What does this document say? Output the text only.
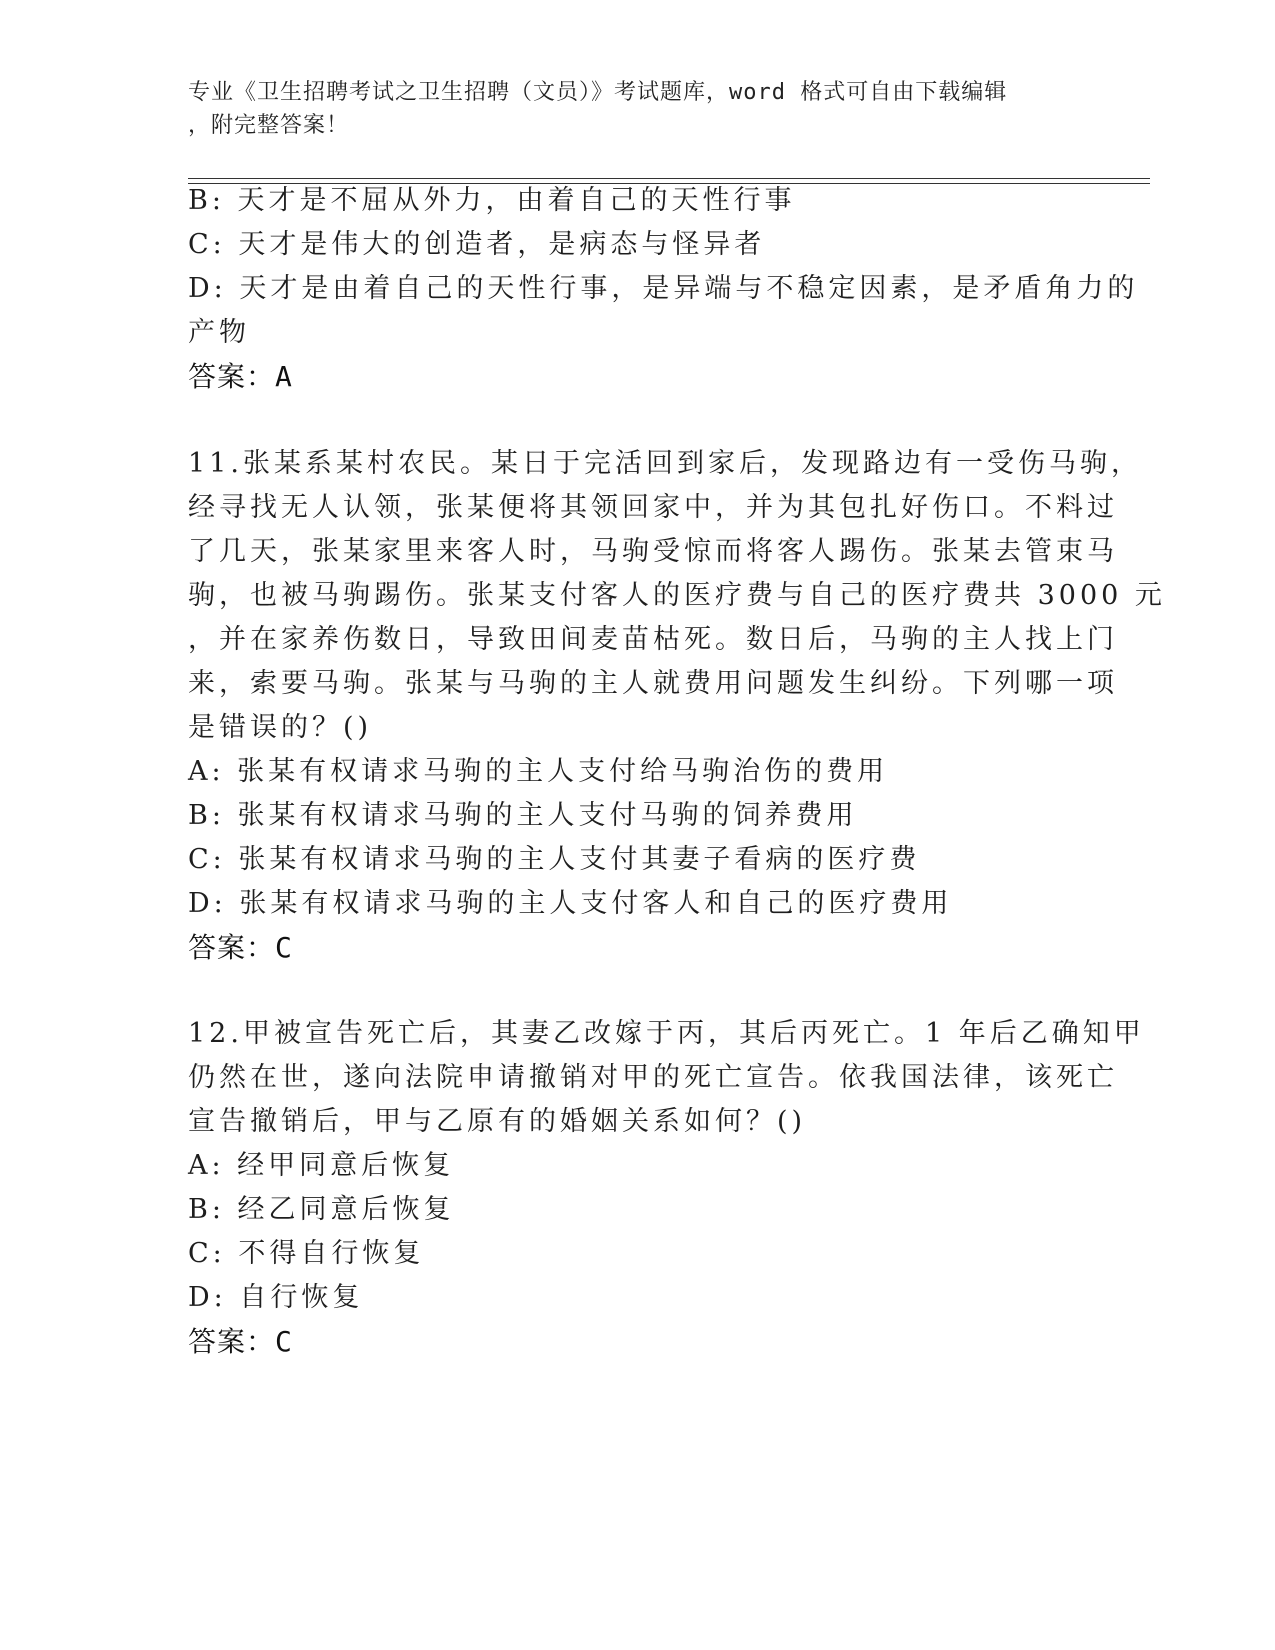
专业《卫生招聘考试之卫生招聘（文员）》考试题库，word 格式可自由下载编辑
，附完整答案！
B: 天才是不屈从外力，由着自己的天性行事
C: 天才是伟大的创造者，是病态与怪异者
D: 天才是由着自己的天性行事，是异端与不稳定因素，是矛盾角力的
产物
答案：A
11.张某系某村农民。某日于完活回到家后，发现路边有一受伤马驹，
经寻找无人认领，张某便将其领回家中，并为其包扎好伤口。不料过
了几天，张某家里来客人时，马驹受惊而将客人踢伤。张某去管束马
驹，也被马驹踢伤。张某支付客人的医疗费与自己的医疗费共 3000 元
，并在家养伤数日，导致田间麦苗枯死。数日后，马驹的主人找上门
来，索要马驹。张某与马驹的主人就费用问题发生纠纷。下列哪一项
是错误的？()
A: 张某有权请求马驹的主人支付给马驹治伤的费用
B: 张某有权请求马驹的主人支付马驹的饲养费用
C: 张某有权请求马驹的主人支付其妻子看病的医疗费
D: 张某有权请求马驹的主人支付客人和自己的医疗费用
答案：C
12.甲被宣告死亡后，其妻乙改嫁于丙，其后丙死亡。1 年后乙确知甲
仍然在世，遂向法院申请撤销对甲的死亡宣告。依我国法律，该死亡
宣告撤销后，甲与乙原有的婚姻关系如何？()
A: 经甲同意后恢复
B: 经乙同意后恢复
C: 不得自行恢复
D: 自行恢复
答案：C
